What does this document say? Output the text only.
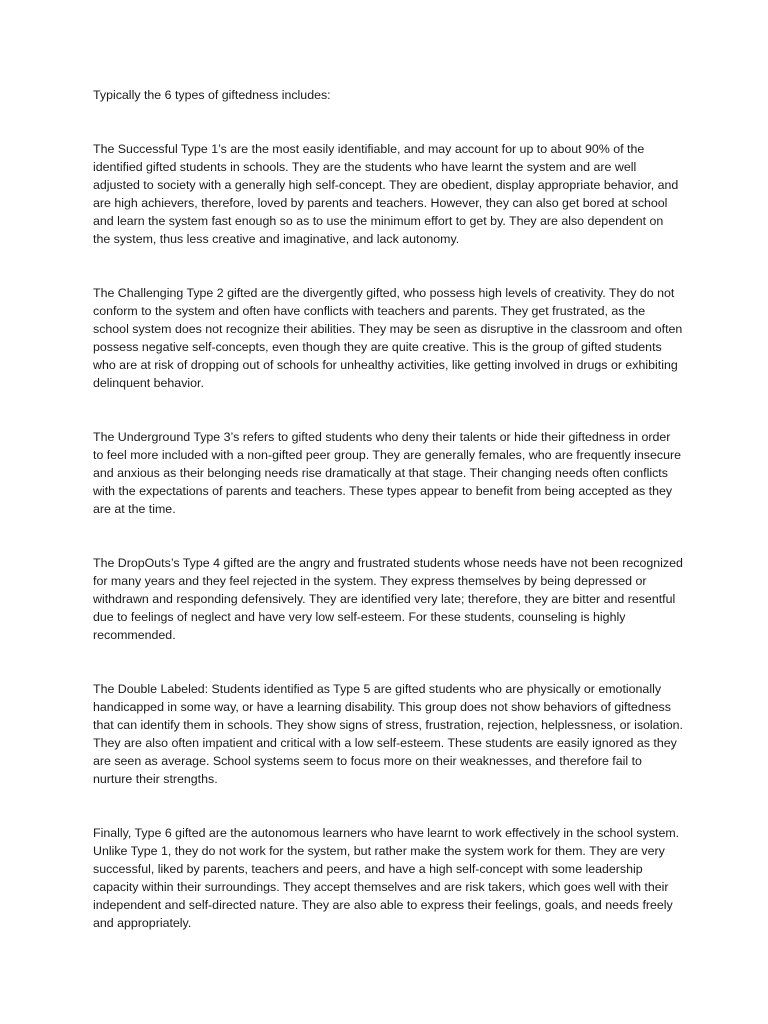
Typically the 6 types of giftedness includes:

The Successful Type 1’s are the most easily identifiable, and may account for up to about 90% of the identified gifted students in schools. They are the students who have learnt the system and are well adjusted to society with a generally high self-concept. They are obedient, display appropriate behavior, and are high achievers, therefore, loved by parents and teachers. However, they can also get bored at school and learn the system fast enough so as to use the minimum effort to get by. They are also dependent on the system, thus less creative and imaginative, and lack autonomy.

The Challenging Type 2 gifted are the divergently gifted, who possess high levels of creativity. They do not conform to the system and often have conflicts with teachers and parents. They get frustrated, as the school system does not recognize their abilities. They may be seen as disruptive in the classroom and often possess negative self-concepts, even though they are quite creative. This is the group of gifted students who are at risk of dropping out of schools for unhealthy activities, like getting involved in drugs or exhibiting delinquent behavior.

The Underground Type 3’s refers to gifted students who deny their talents or hide their giftedness in order to feel more included with a non-gifted peer group. They are generally females, who are frequently insecure and anxious as their belonging needs rise dramatically at that stage. Their changing needs often conflicts with the expectations of parents and teachers. These types appear to benefit from being accepted as they are at the time.

The DropOuts’s Type 4 gifted are the angry and frustrated students whose needs have not been recognized for many years and they feel rejected in the system. They express themselves by being depressed or withdrawn and responding defensively. They are identified very late; therefore, they are bitter and resentful due to feelings of neglect and have very low self-esteem. For these students, counseling is highly recommended.

The Double Labeled: Students identified as Type 5 are gifted students who are physically or emotionally handicapped in some way, or have a learning disability. This group does not show behaviors of giftedness that can identify them in schools. They show signs of stress, frustration, rejection, helplessness, or isolation. They are also often impatient and critical with a low self-esteem. These students are easily ignored as they are seen as average. School systems seem to focus more on their weaknesses, and therefore fail to nurture their strengths.

Finally, Type 6 gifted are the autonomous learners who have learnt to work effectively in the school system. Unlike Type 1, they do not work for the system, but rather make the system work for them. They are very successful, liked by parents, teachers and peers, and have a high self-concept with some leadership capacity within their surroundings. They accept themselves and are risk takers, which goes well with their independent and self-directed nature. They are also able to express their feelings, goals, and needs freely and appropriately.
